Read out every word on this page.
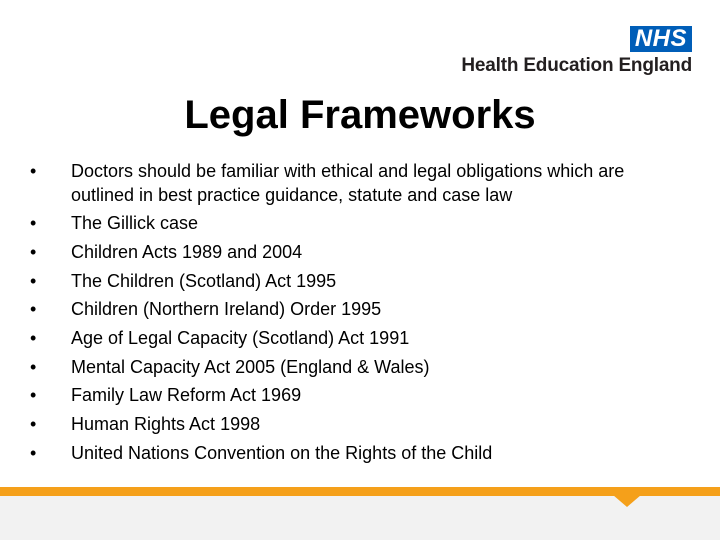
NHS
Health Education England
Legal Frameworks
•	Doctors should be familiar with ethical and legal obligations which are outlined in best practice guidance, statute and case law
•	The Gillick case
•	Children Acts 1989 and 2004
•	The Children (Scotland) Act 1995
•	Children (Northern Ireland) Order 1995
•	Age of Legal Capacity (Scotland) Act 1991
•	Mental Capacity Act 2005 (England & Wales)
•	Family Law Reform Act 1969
•	Human Rights Act 1998
•	United Nations Convention on the Rights of the Child
